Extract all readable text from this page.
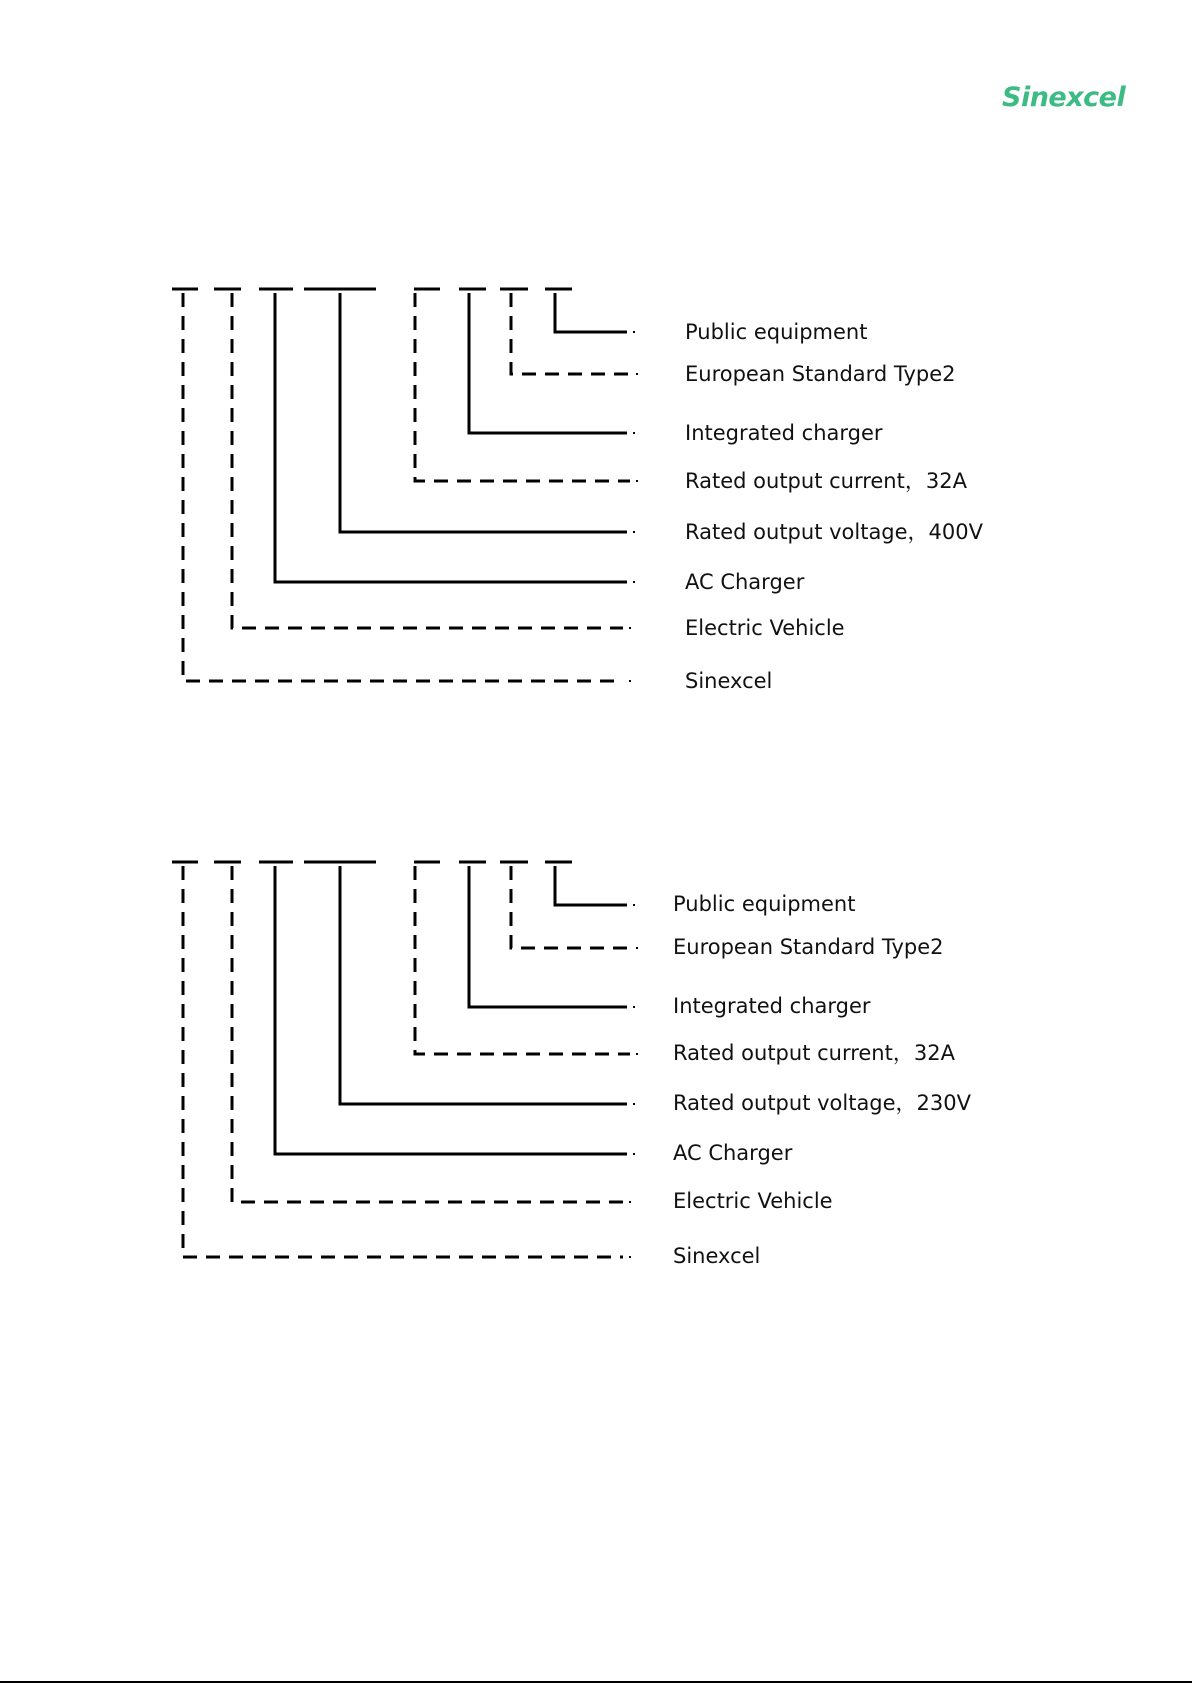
Sinexcel
Public equipment
European Standard Type2
Integrated charger
Rated output current，32A
Rated output voltage，400V
AC Charger
Electric Vehicle
Sinexcel
Public equipment
European Standard Type2
Integrated charger
Rated output current，32A
Rated output voltage，230V
AC Charger
Electric Vehicle
Sinexcel
